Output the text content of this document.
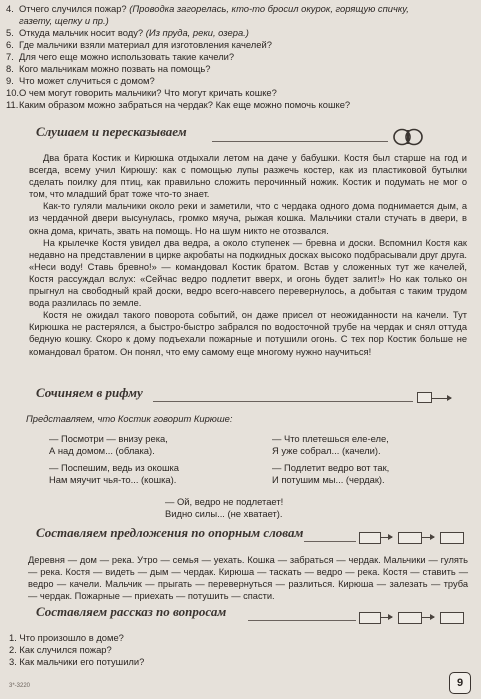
4. Отчего случился пожар? (Проводка загорелась, кто-то бросил окурок, горящую спичку,
газету, щепку и пр.)
5. Откуда мальчик носит воду? (Из пруда, реки, озера.)
6. Где мальчики взяли материал для изготовления качелей?
7. Для чего еще можно использовать такие качели?
8. Кого мальчикам можно позвать на помощь?
9. Что может случиться с домом?
10.О чем могут говорить мальчики? Что могут кричать кошке?
11.Каким образом можно забраться на чердак? Как еще можно помочь кошке?
Слушаем и пересказываем

Два брата Костик и Кирюшка отдыхали летом на даче у бабушки. Костя был старше на год и всегда, всему учил Кирюшу: как с помощью лупы разжечь костер, как из пластиковой бутылки сделать поилку для птиц, как правильно сложить перочинный ножик. Костик и подумать не мог о том, что младший брат тоже что-то знает.

Как-то гуляли мальчики около реки и заметили, что с чердака одного дома поднимается дым, а из чердачной двери высунулась, громко мяуча, рыжая кошка. Мальчики стали стучать в двери, в окна дома, кричать, звать на помощь. Но на шум никто не отозвался.

На крылечке Костя увидел два ведра, а около ступенек — бревна и доски. Вспомнил Костя как недавно на представлении в цирке акробаты на подкидных досках высоко подбрасывали друг друга. «Неси воду! Ставь бревно!» — командовал Костик братом. Встав у сложенных тут же качелей, Костя рассуждал вслух: «Сейчас ведро подлетит вверх, и огонь будет залит!» Но как только он прыгнул на свободный край доски, ведро всего-навсего перевернулось, а добытая с таким трудом вода разлилась по земле.

Костя не ожидал такого поворота событий, он даже присел от неожиданности на качели. Тут Кирюшка не растерялся, а быстро-быстро забрался по водосточной трубе на чердак и снял оттуда бедную кошку. Скоро к дому подъехали пожарные и потушили огонь. С тех пор Костик больше не командовал братом. Он понял, что ему самому еще многому нужно научиться!

Сочиняем в рифму
Представляем, что Костик говорит Кирюше:
— Посмотри — внизу река,
А над домом... (облака).
— Поспешим, ведь из окошка
Нам мяучит чья-то... (кошка).
— Что плетешься еле-еле,
Я уже собрал... (качели).
— Подлетит ведро вот так,
И потушим мы... (чердак).
— Ой, ведро не подлетает!
Видно силы... (не хватает).
Составляем предложения по опорным словам
Деревня — дом — река. Утро — семья — уехать. Кошка — забраться — чердак. Мальчики — гулять — река. Костя — видеть — дым — чердак. Кирюша — таскать — ведро — река. Костя — ставить — ведро — качели. Мальчик — прыгать — перевернуться — разлиться. Кирюша — залезать — труба — чердак. Пожарные — приехать — потушить — спасти.
Составляем рассказ по вопросам
1. Что произошло в доме?
2. Как случился пожар?
3. Как мальчики его потушили?
3*-3220	9
